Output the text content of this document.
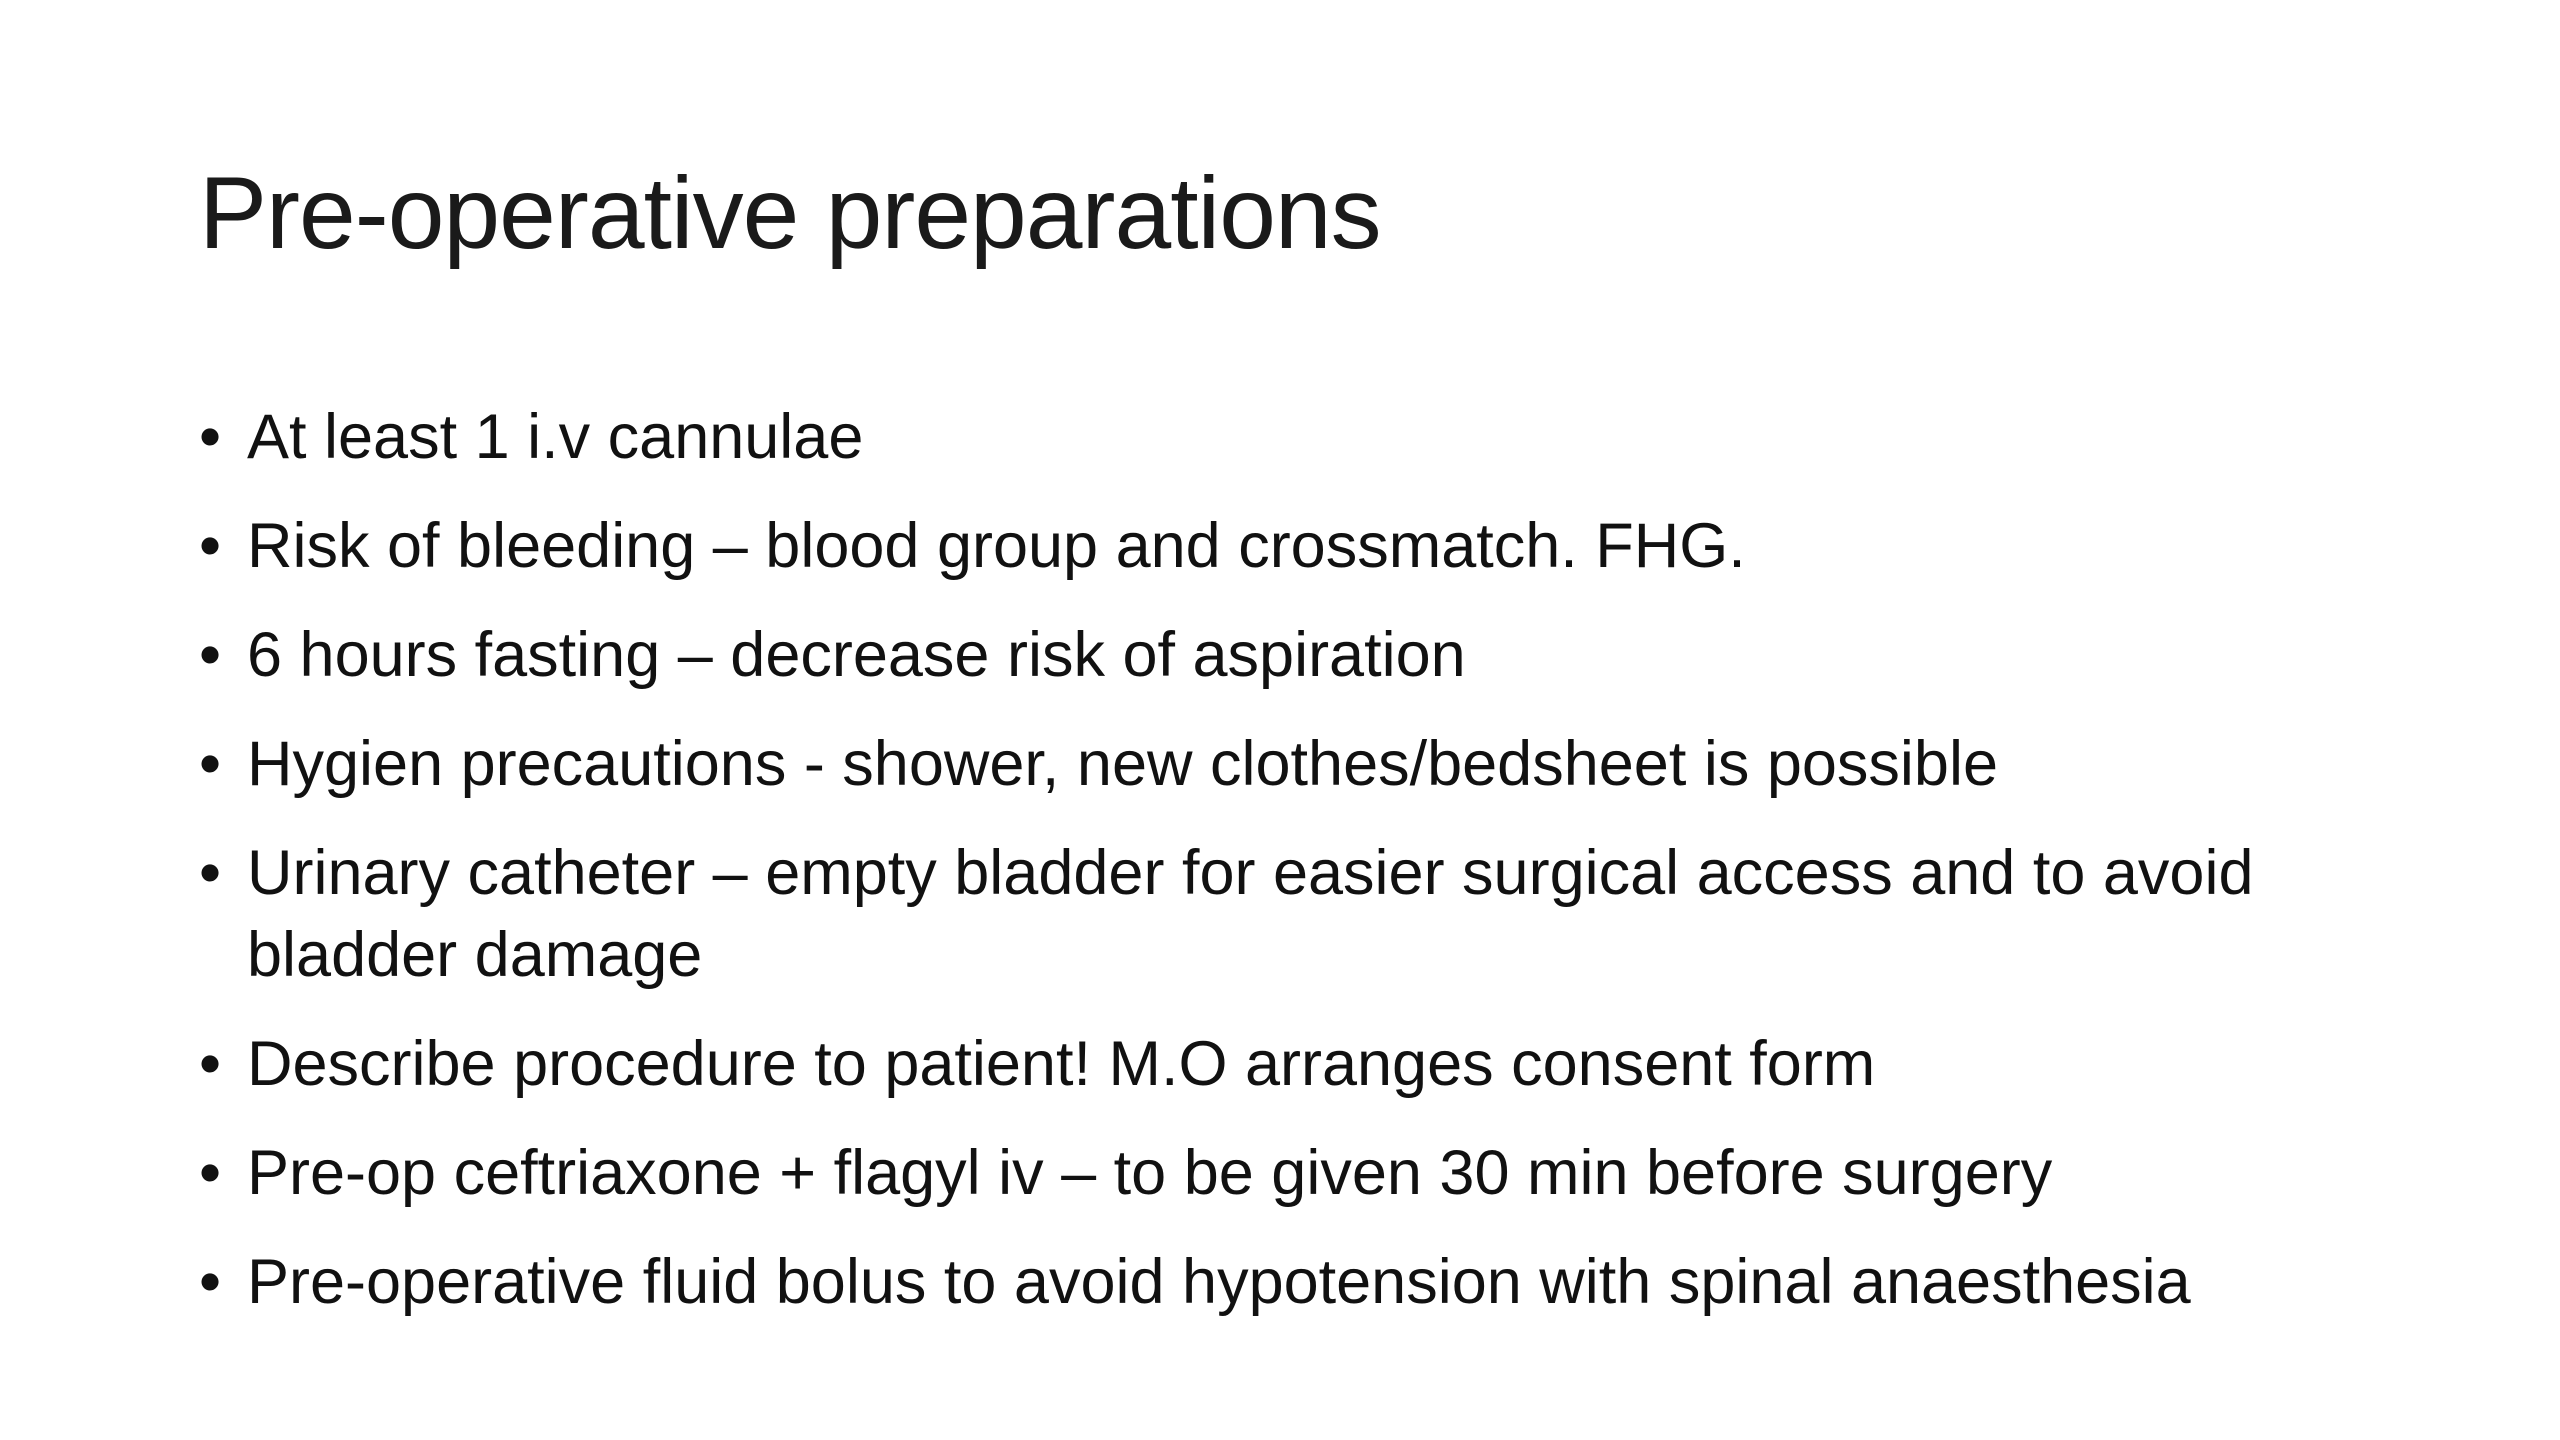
Pre-operative preparations
• At least 1 i.v cannulae
• Risk of bleeding – blood group and crossmatch. FHG.
• 6 hours fasting – decrease risk of aspiration
• Hygien precautions - shower, new clothes/bedsheet is possible
• Urinary catheter – empty bladder for easier surgical access and to avoid bladder damage
• Describe procedure to patient! M.O arranges consent form
• Pre-op ceftriaxone + flagyl iv – to be given 30 min before surgery
• Pre-operative fluid bolus to avoid hypotension with spinal anaesthesia
